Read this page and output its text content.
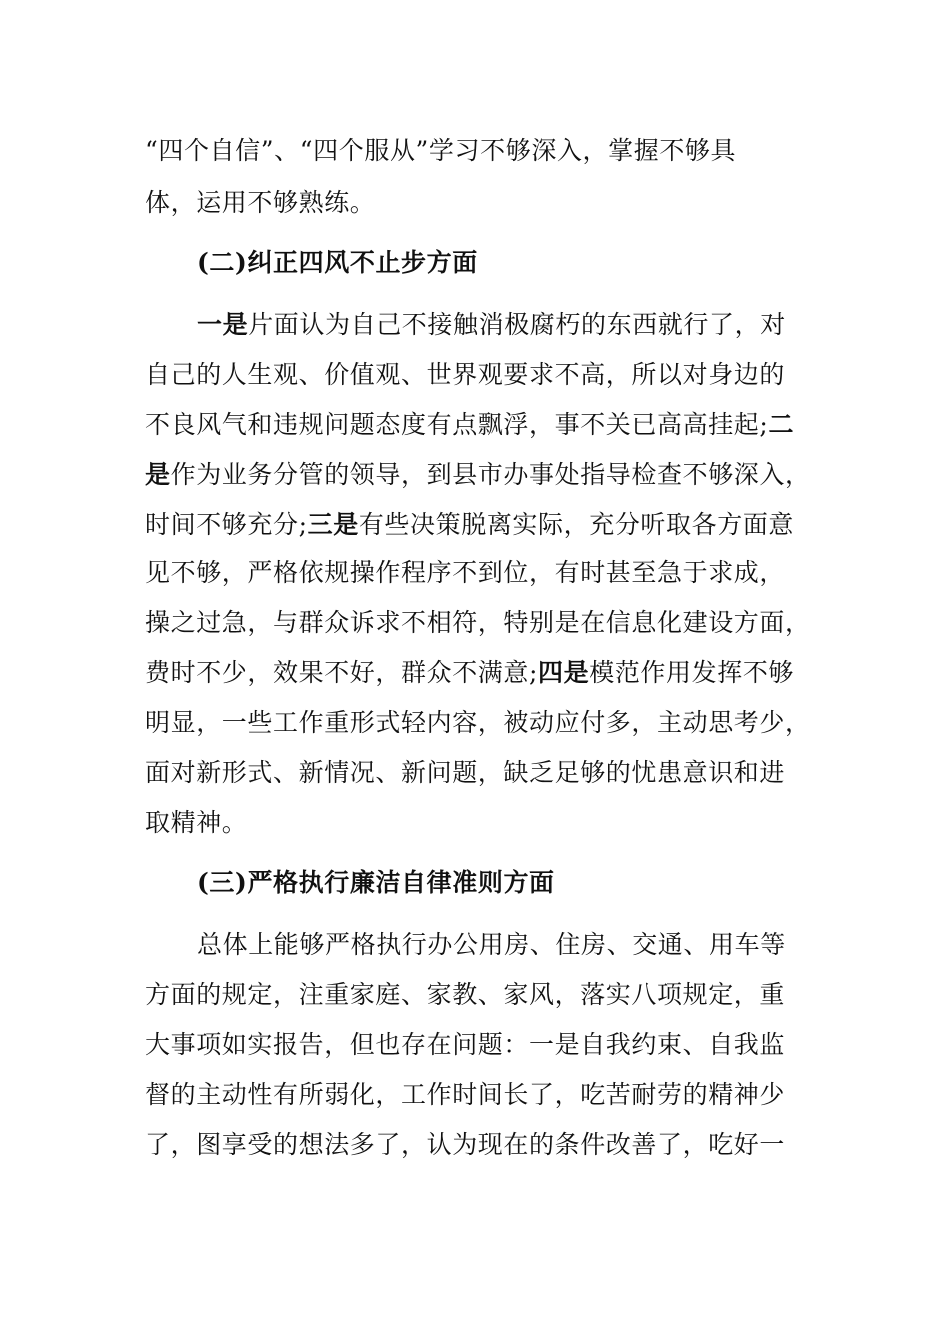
“四个自信”、“四个服从”学习不够深入，掌握不够具
体，运用不够熟练。
(二)纠正四风不止步方面
一是片面认为自己不接触消极腐朽的东西就行了，对
自己的人生观、价值观、世界观要求不高，所以对身边的
不良风气和违规问题态度有点飘浮，事不关已高高挂起;二
是作为业务分管的领导，到县市办事处指导检查不够深入，
时间不够充分;三是有些决策脱离实际，充分听取各方面意
见不够，严格依规操作程序不到位，有时甚至急于求成，
操之过急，与群众诉求不相符，特别是在信息化建设方面，
费时不少，效果不好，群众不满意;四是模范作用发挥不够
明显，一些工作重形式轻内容，被动应付多，主动思考少，
面对新形式、新情况、新问题，缺乏足够的忧患意识和进
取精神。
(三)严格执行廉洁自律准则方面
总体上能够严格执行办公用房、住房、交通、用车等
方面的规定，注重家庭、家教、家风，落实八项规定，重
大事项如实报告，但也存在问题：一是自我约束、自我监
督的主动性有所弱化，工作时间长了，吃苦耐劳的精神少
了，图享受的想法多了，认为现在的条件改善了，吃好一
